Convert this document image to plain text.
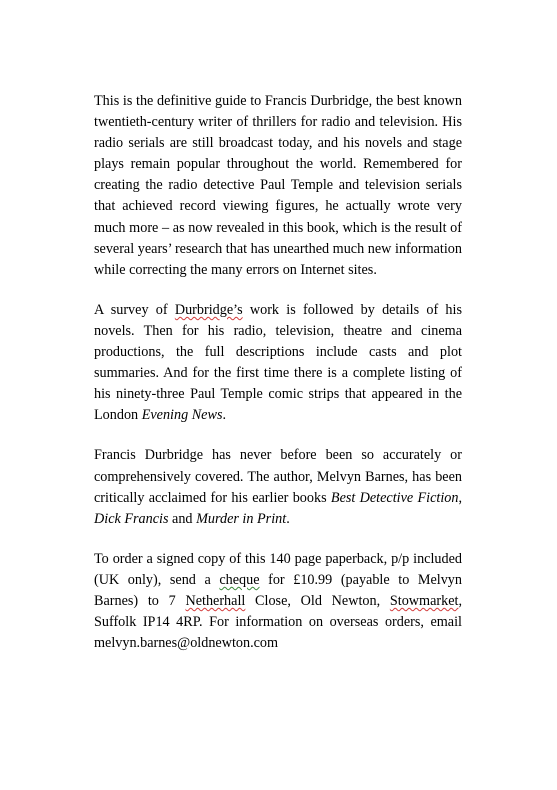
This is the definitive guide to Francis Durbridge, the best known twentieth-century writer of thrillers for radio and television. His radio serials are still broadcast today, and his novels and stage plays remain popular throughout the world. Remembered for creating the radio detective Paul Temple and television serials that achieved record viewing figures, he actually wrote very much more – as now revealed in this book, which is the result of several years’ research that has unearthed much new information while correcting the many errors on Internet sites.

A survey of Durbridge’s work is followed by details of his novels. Then for his radio, television, theatre and cinema productions, the full descriptions include casts and plot summaries. And for the first time there is a complete listing of his ninety-three Paul Temple comic strips that appeared in the London Evening News.

Francis Durbridge has never before been so accurately or comprehensively covered. The author, Melvyn Barnes, has been critically acclaimed for his earlier books Best Detective Fiction, Dick Francis and Murder in Print.

To order a signed copy of this 140 page paperback, p/p included (UK only), send a cheque for £10.99 (payable to Melvyn Barnes) to 7 Netherhall Close, Old Newton, Stowmarket, Suffolk IP14 4RP. For information on overseas orders, email melvyn.barnes@oldnewton.com
